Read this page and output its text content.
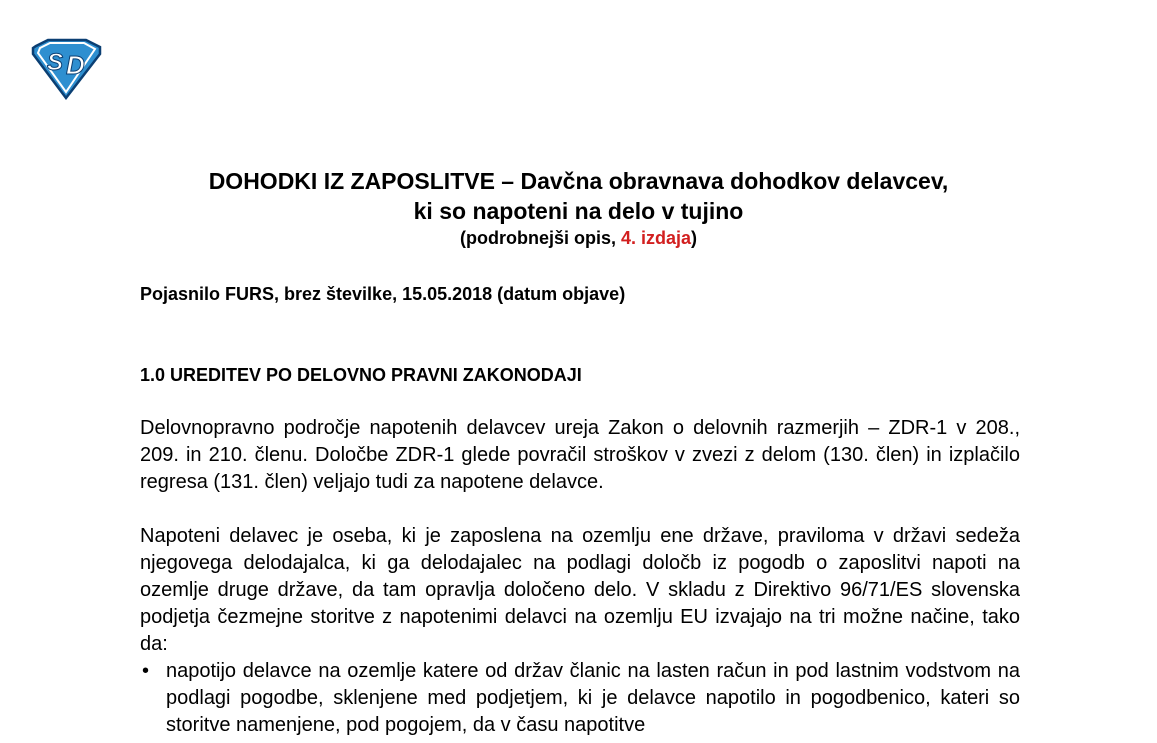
S D
DOHODKI IZ ZAPOSLITVE – Davčna obravnava dohodkov delavcev,
ki so napoteni na delo v tujino
(podrobnejši opis, 4. izdaja)
Pojasnilo FURS, brez številke, 15.05.2018 (datum objave)
1.0 UREDITEV PO DELOVNO PRAVNI ZAKONODAJI

Delovnopravno področje napotenih delavcev ureja Zakon o delovnih razmerjih – ZDR-1 v 208., 209. in 210. členu. Določbe ZDR-1 glede povračil stroškov v zvezi z delom (130. člen) in izplačilo regresa (131. člen) veljajo tudi za napotene delavce.

Napoteni delavec je oseba, ki je zaposlena na ozemlju ene države, praviloma v državi sedeža njegovega delodajalca, ki ga delodajalec na podlagi določb iz pogodb o zaposlitvi napoti na ozemlje druge države, da tam opravlja določeno delo. V skladu z Direktivo 96/71/ES slovenska podjetja čezmejne storitve z napotenimi delavci na ozemlju EU izvajajo na tri možne načine, tako da:

• napotijo delavce na ozemlje katere od držav članic na lasten račun in pod lastnim vodstvom na podlagi pogodbe, sklenjene med podjetjem, ki je delavce napotilo in pogodbenico, kateri so storitve namenjene, pod pogojem, da v času napotitve
